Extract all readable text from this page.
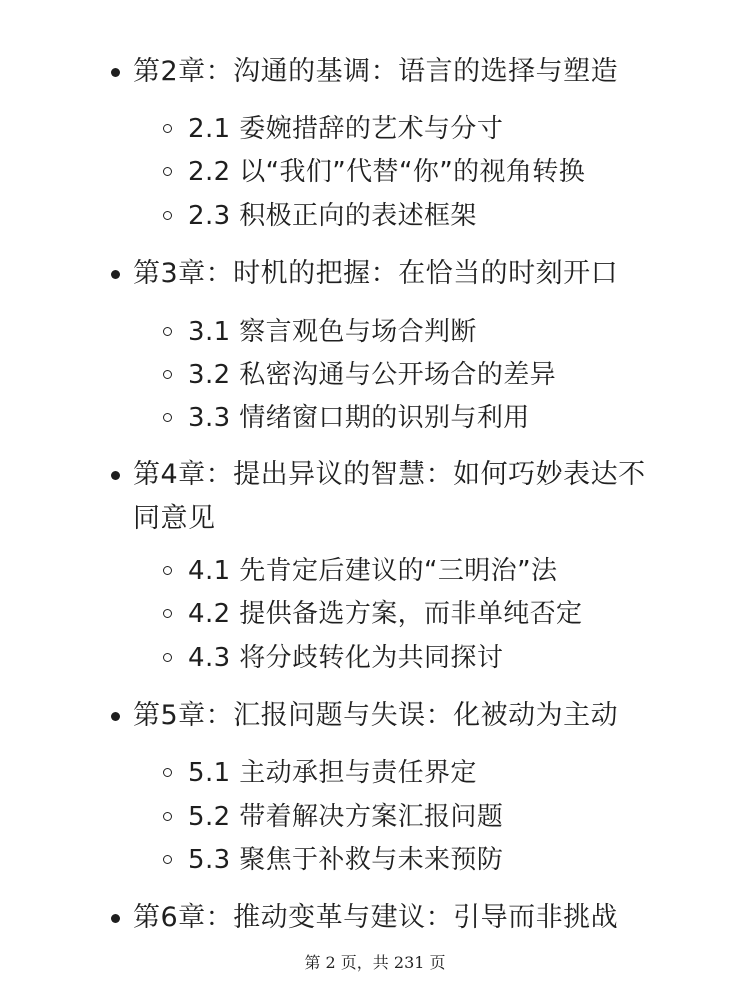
第2章：沟通的基调：语言的选择与塑造
2.1 委婉措辞的艺术与分寸
2.2 以“我们”代替“你”的视角转换
2.3 积极正向的表述框架
第3章：时机的把握：在恰当的时刻开口
3.1 察言观色与场合判断
3.2 私密沟通与公开场合的差异
3.3 情绪窗口期的识别与利用
第4章：提出异议的智慧：如何巧妙表达不同意见
4.1 先肯定后建议的“三明治”法
4.2 提供备选方案，而非单纯否定
4.3 将分歧转化为共同探讨
第5章：汇报问题与失误：化被动为主动
5.1 主动承担与责任界定
5.2 带着解决方案汇报问题
5.3 聚焦于补救与未来预防
第6章：推动变革与建议：引导而非挑战
第 2 页，共 231 页
